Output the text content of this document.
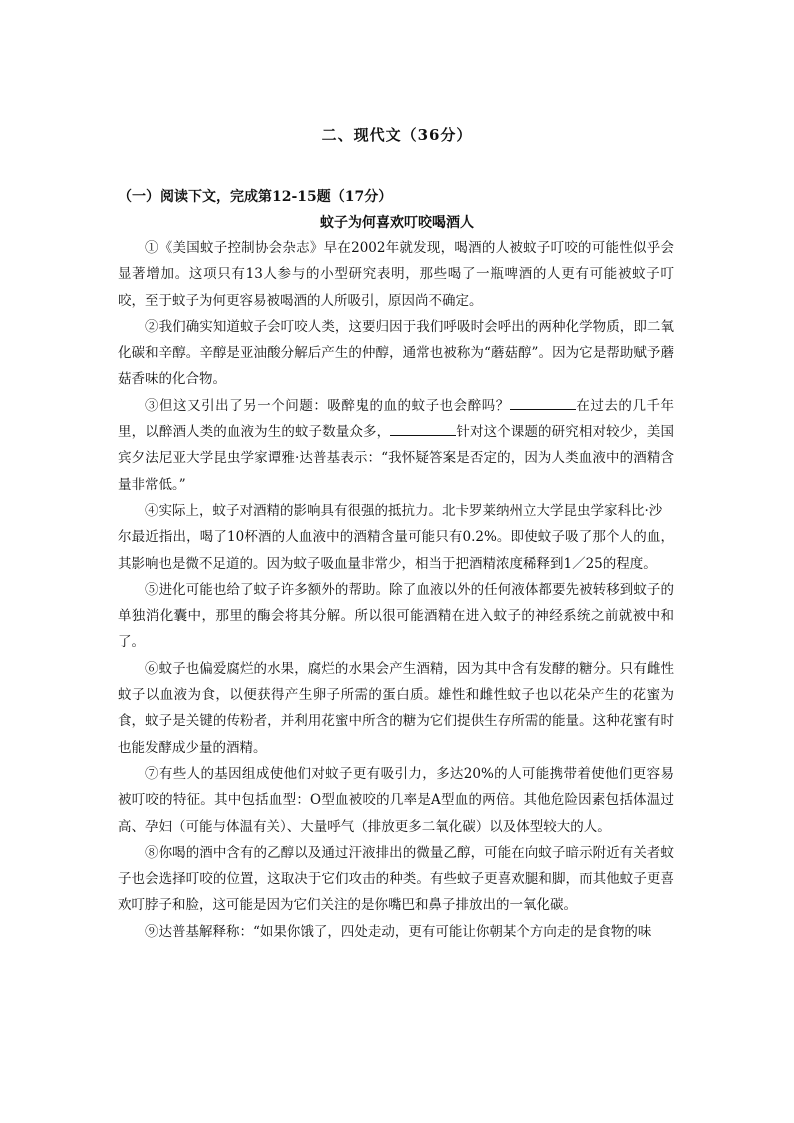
二、现代文（36分）
（一）阅读下文，完成第12-15题（17分）
蚊子为何喜欢叮咬喝酒人

①《美国蚊子控制协会杂志》早在2002年就发现，喝酒的人被蚊子叮咬的可能性似乎会显著增加。这项只有13人参与的小型研究表明，那些喝了一瓶啤酒的人更有可能被蚊子叮咬，至于蚊子为何更容易被喝酒的人所吸引，原因尚不确定。

②我们确实知道蚊子会叮咬人类，这要归因于我们呼吸时会呼出的两种化学物质，即二氧化碳和辛醇。辛醇是亚油酸分解后产生的仲醇，通常也被称为“蘑菇醇”。因为它是帮助赋予蘑菇香味的化合物。

③但这又引出了另一个问题：吸醉鬼的血的蚊子也会醉吗？	在过去的几千年里，以醉酒人类的血液为生的蚊子数量众多，	针对这个课题的研究相对较少，美国宾夕法尼亚大学昆虫学家谭雅·达普基表示：“我怀疑答案是否定的，因为人类血液中的酒精含量非常低。”

④实际上，蚊子对酒精的影响具有很强的抵抗力。北卡罗莱纳州立大学昆虫学家科比·沙

尔最近指出，喝了10杯酒的人血液中的酒精含量可能只有0.2%。即使蚊子吸了那个人的血，其影响也是微不足道的。因为蚊子吸血量非常少，相当于把酒精浓度稀释到1／25的程度。

⑤进化可能也给了蚊子许多额外的帮助。除了血液以外的任何液体都要先被转移到蚊子的单独消化囊中，那里的酶会将其分解。所以很可能酒精在进入蚊子的神经系统之前就被中和了。

⑥蚊子也偏爱腐烂的水果，腐烂的水果会产生酒精，因为其中含有发酵的糖分。只有雌性蚊子以血液为食，以便获得产生卵子所需的蛋白质。雄性和雌性蚊子也以花朵产生的花蜜为食，蚊子是关键的传粉者，并利用花蜜中所含的糖为它们提供生存所需的能量。这种花蜜有时也能发酵成少量的酒精。

⑦有些人的基因组成使他们对蚊子更有吸引力，多达20%的人可能携带着使他们更容易被叮咬的特征。其中包括血型：O型血被咬的几率是A型血的两倍。其他危险因素包括体温过高、孕妇（可能与体温有关）、大量呼气（排放更多二氧化碳）以及体型较大的人。

⑧你喝的酒中含有的乙醇以及通过汗液排出的微量乙醇，可能在向蚊子暗示附近有关者蚊子也会选择叮咬的位置，这取决于它们攻击的种类。有些蚊子更喜欢腿和脚，而其他蚊子更喜欢叮脖子和脸，这可能是因为它们关注的是你嘴巴和鼻子排放出的一氧化碳。

⑨达普基解释称：“如果你饿了，四处走动，更有可能让你朝某个方向走的是食物的味
